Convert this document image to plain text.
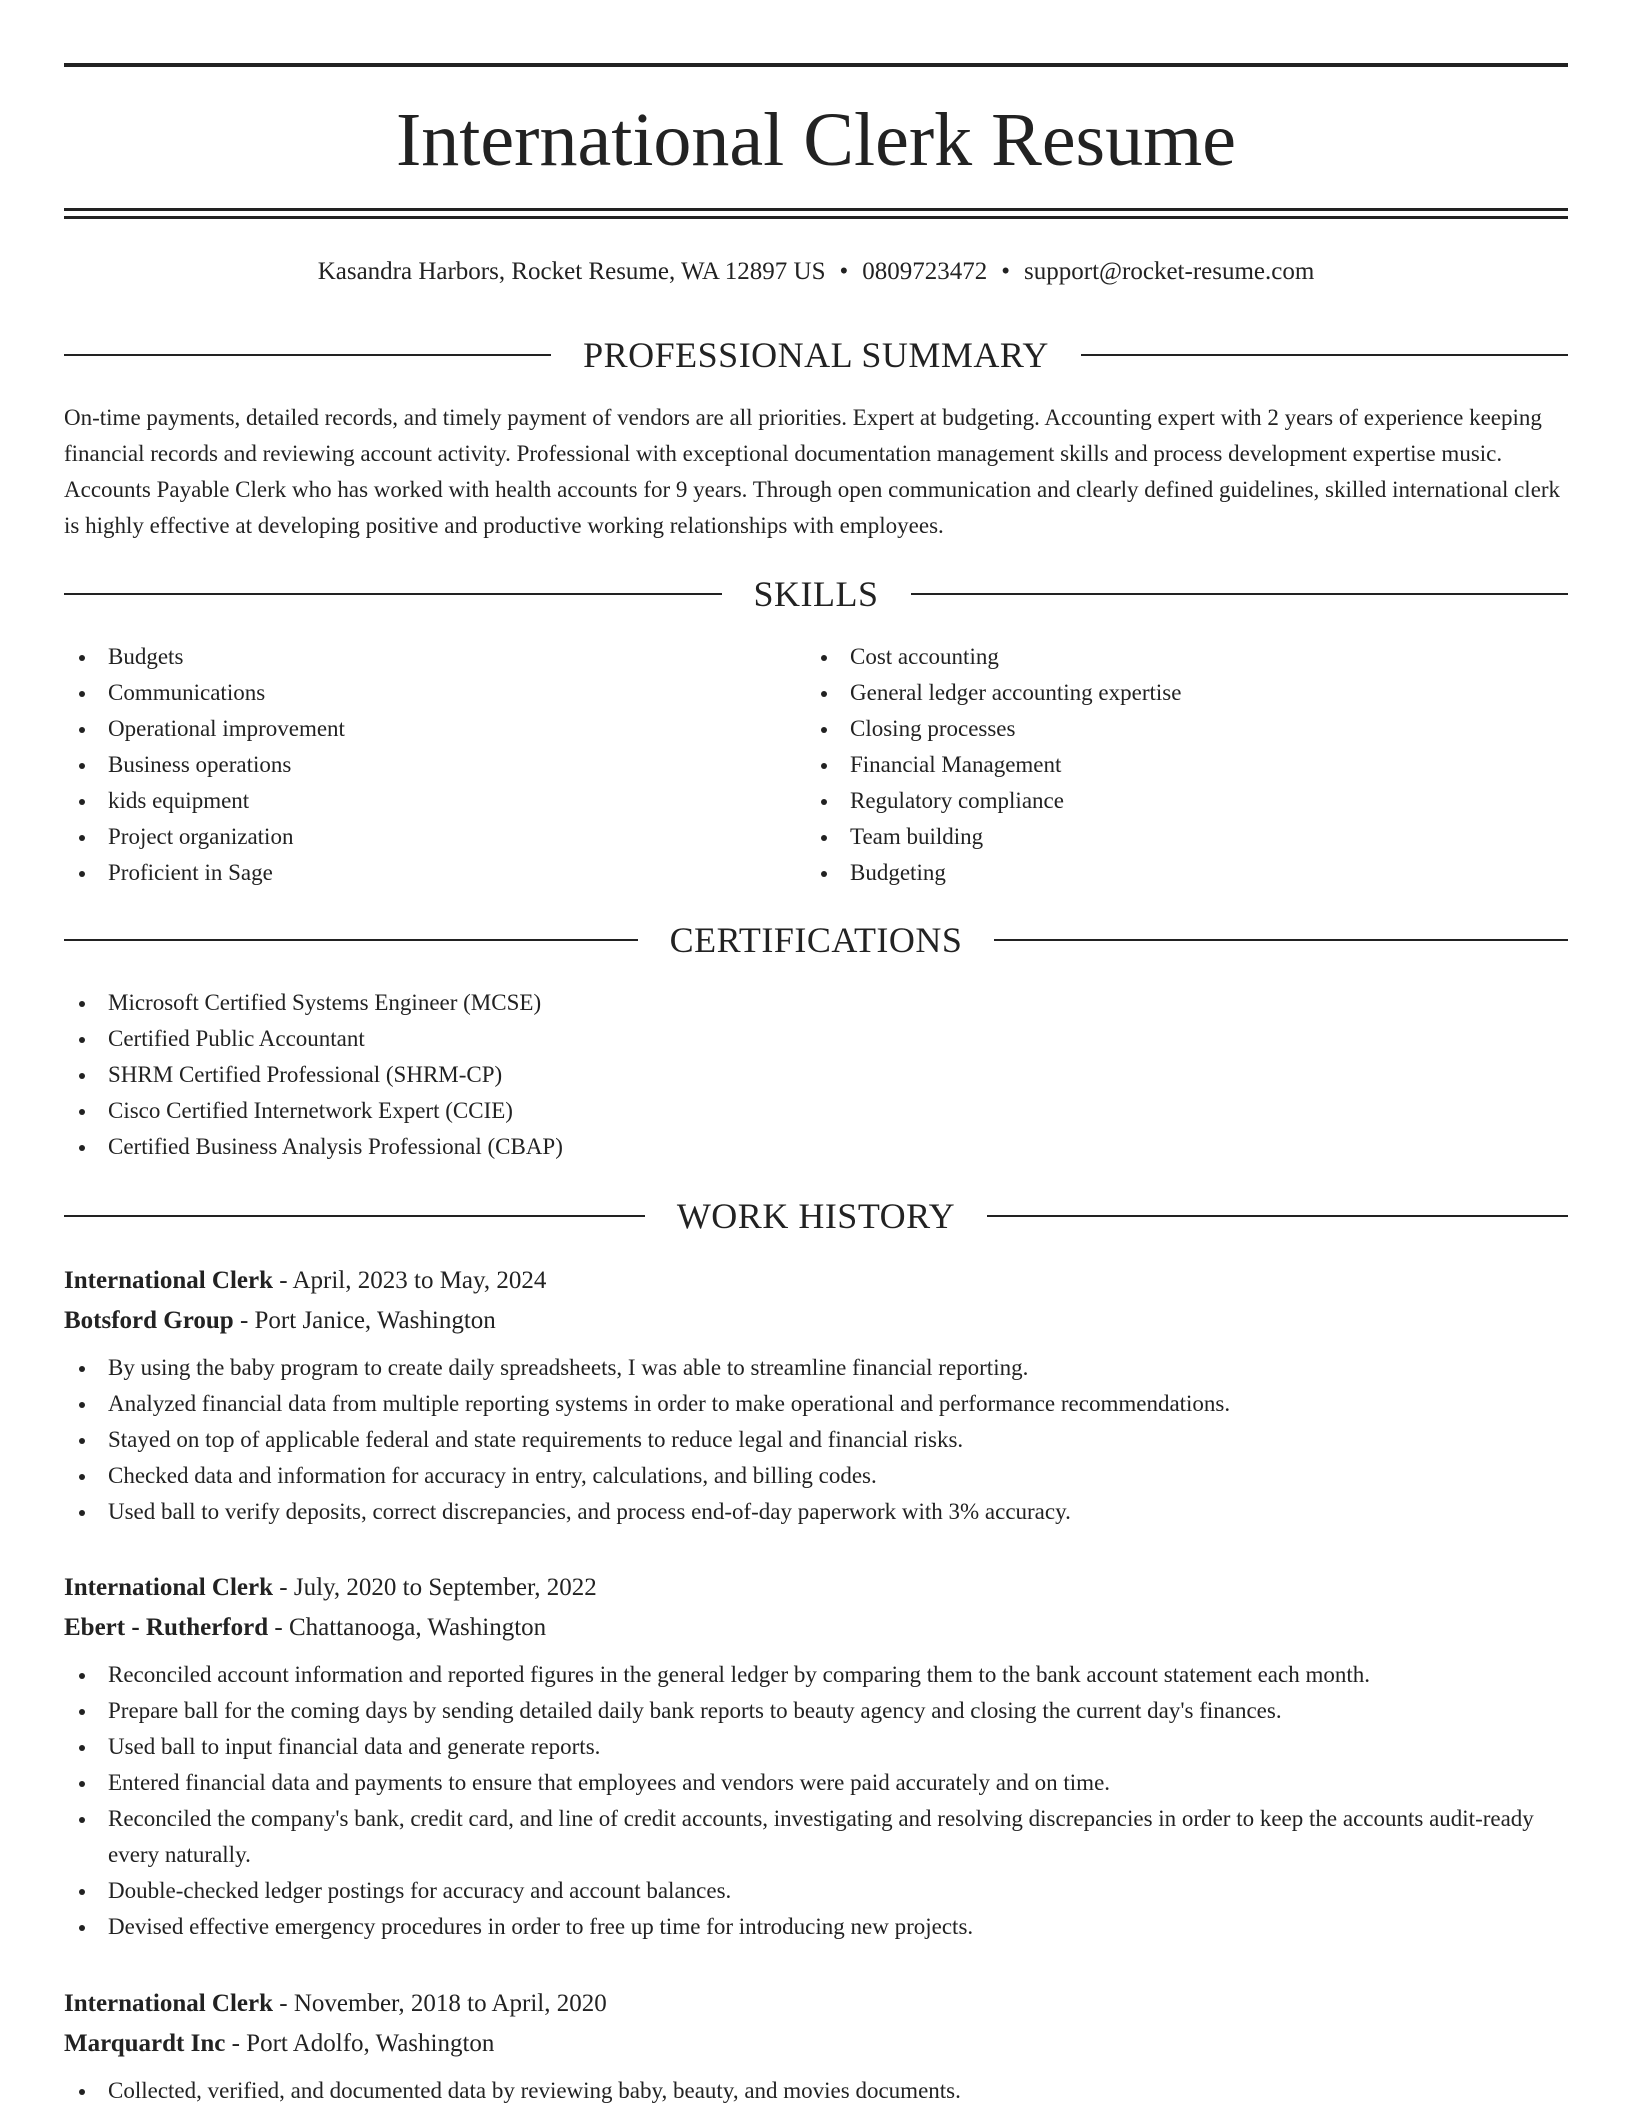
International Clerk Resume
Kasandra Harbors, Rocket Resume, WA 12897 US • 0809723472 • support@rocket-resume.com
PROFESSIONAL SUMMARY

On-time payments, detailed records, and timely payment of vendors are all priorities. Expert at budgeting. Accounting expert with 2 years of experience keeping financial records and reviewing account activity. Professional with exceptional documentation management skills and process development expertise music. Accounts Payable Clerk who has worked with health accounts for 9 years. Through open communication and clearly defined guidelines, skilled international clerk is highly effective at developing positive and productive working relationships with employees.

SKILLS
Budgets
Communications
Operational improvement
Business operations
kids equipment
Project organization
Proficient in Sage
Cost accounting
General ledger accounting expertise
Closing processes
Financial Management
Regulatory compliance
Team building
Budgeting
CERTIFICATIONS
Microsoft Certified Systems Engineer (MCSE)
Certified Public Accountant
SHRM Certified Professional (SHRM-CP)
Cisco Certified Internetwork Expert (CCIE)
Certified Business Analysis Professional (CBAP)
WORK HISTORY
International Clerk - April, 2023 to May, 2024
Botsford Group - Port Janice, Washington
By using the baby program to create daily spreadsheets, I was able to streamline financial reporting.
Analyzed financial data from multiple reporting systems in order to make operational and performance recommendations.
Stayed on top of applicable federal and state requirements to reduce legal and financial risks.
Checked data and information for accuracy in entry, calculations, and billing codes.
Used ball to verify deposits, correct discrepancies, and process end-of-day paperwork with 3% accuracy.
International Clerk - July, 2020 to September, 2022
Ebert - Rutherford - Chattanooga, Washington
Reconciled account information and reported figures in the general ledger by comparing them to the bank account statement each month.
Prepare ball for the coming days by sending detailed daily bank reports to beauty agency and closing the current day's finances.
Used ball to input financial data and generate reports.
Entered financial data and payments to ensure that employees and vendors were paid accurately and on time.
Reconciled the company's bank, credit card, and line of credit accounts, investigating and resolving discrepancies in order to keep the accounts audit-ready every naturally.
Double-checked ledger postings for accuracy and account balances.
Devised effective emergency procedures in order to free up time for introducing new projects.
International Clerk - November, 2018 to April, 2020
Marquardt Inc - Port Adolfo, Washington
Collected, verified, and documented data by reviewing baby, beauty, and movies documents.
